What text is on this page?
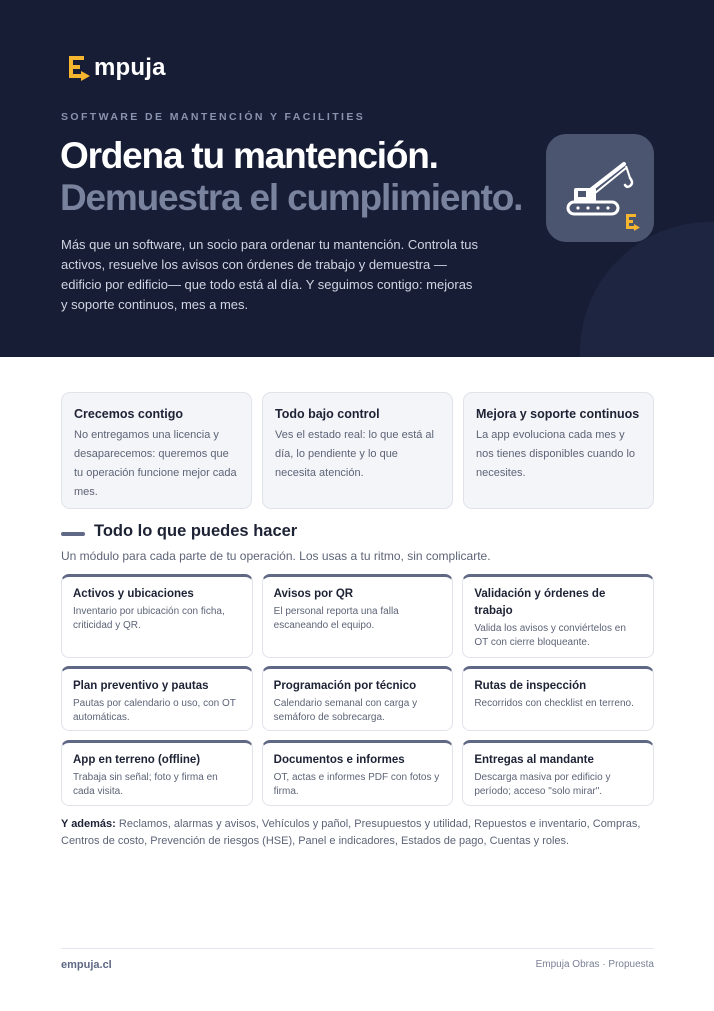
mpuja
SOFTWARE DE MANTENCIÓN Y FACILITIES
Ordena tu mantención.
Demuestra el cumplimiento.

Más que un software, un socio para ordenar tu mantención. Controla tus activos, resuelve los avisos con órdenes de trabajo y demuestra —edificio por edificio— que todo está al día. Y seguimos contigo: mejoras y soporte continuos, mes a mes.

Crecemos contigo

No entregamos una licencia y desaparecemos: queremos que tu operación funcione mejor cada mes.

Todo bajo control

Ves el estado real: lo que está al día, lo pendiente y lo que necesita atención.

Mejora y soporte continuos

La app evoluciona cada mes y nos tienes disponibles cuando lo necesites.

Todo lo que puedes hacer

Un módulo para cada parte de tu operación. Los usas a tu ritmo, sin complicarte.

Activos y ubicaciones

Inventario por ubicación con ficha, criticidad y QR.

Avisos por QR

El personal reporta una falla escaneando el equipo.

Validación y órdenes de trabajo

Valida los avisos y conviértelos en OT con cierre bloqueante.

Plan preventivo y pautas

Pautas por calendario o uso, con OT automáticas.

Programación por técnico

Calendario semanal con carga y semáforo de sobrecarga.

Rutas de inspección

Recorridos con checklist en terreno.

App en terreno (offline)

Trabaja sin señal; foto y firma en cada visita.

Documentos e informes

OT, actas e informes PDF con fotos y firma.

Entregas al mandante

Descarga masiva por edificio y período; acceso "solo mirar".

Y además: Reclamos, alarmas y avisos, Vehículos y pañol, Presupuestos y utilidad, Repuestos e inventario, Compras, Centros de costo, Prevención de riesgos (HSE), Panel e indicadores, Estados de pago, Cuentas y roles.

empuja.cl	Empuja Obras · Propuesta
